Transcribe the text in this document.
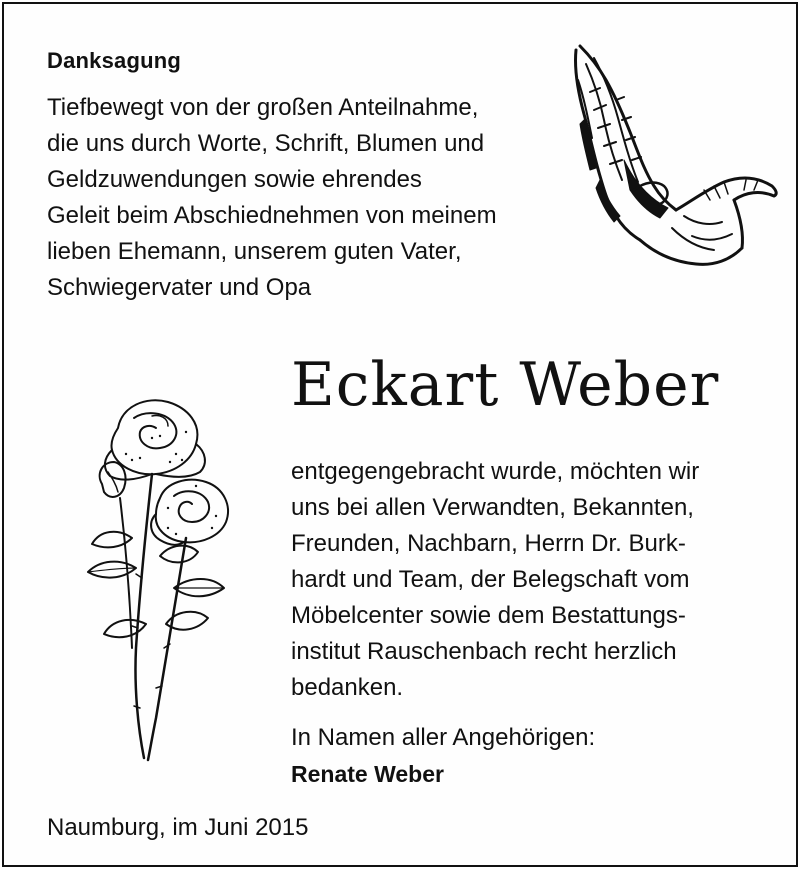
Danksagung
Tiefbewegt von der großen Anteilnahme,
die uns durch Worte, Schrift, Blumen und
Geldzuwendungen sowie ehrendes
Geleit beim Abschiednehmen von meinem
lieben Ehemann, unserem guten Vater,
Schwiegervater und Opa
Eckart Weber
entgegengebracht wurde, möchten wir
uns bei allen Verwandten, Bekannten,
Freunden, Nachbarn, Herrn Dr. Burk-
hardt und Team, der Belegschaft vom
Möbelcenter sowie dem Bestattungs-
institut Rauschenbach recht herzlich
bedanken.
In Namen aller Angehörigen:
Renate Weber
Naumburg, im Juni 2015
